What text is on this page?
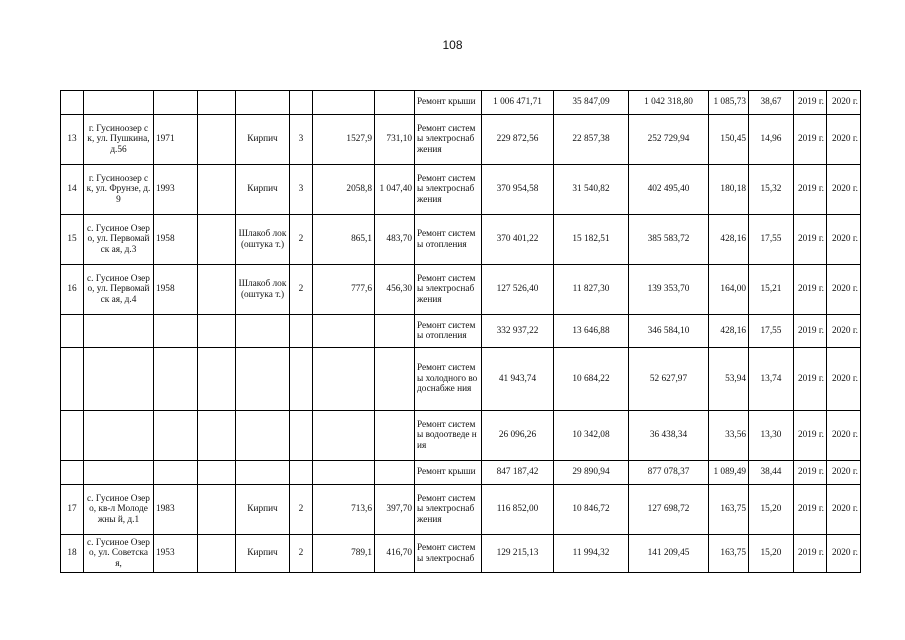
108
								Ремонт крыши	1 006 471,71	35 847,09	1 042 318,80	1 085,73	38,67	2019 г.	2020 г.
13	г. Гусиноозер ск, ул. Пушкина, д.56	1971		Кирпич	3	1527,9	731,10	Ремонт системы электроснаб жения	229 872,56	22 857,38	252 729,94	150,45	14,96	2019 г.	2020 г.
14	г. Гусиноозер ск, ул. Фрунзе, д.9	1993		Кирпич	3	2058,8	1 047,40	Ремонт системы электроснаб жения	370 954,58	31 540,82	402 495,40	180,18	15,32	2019 г.	2020 г.
15	с. Гусиное Озеро, ул. Первомайск ая, д.3	1958		Шлакоб лок (оштука т.)	2	865,1	483,70	Ремонт системы отопления	370 401,22	15 182,51	385 583,72	428,16	17,55	2019 г.	2020 г.
16	с. Гусиное Озеро, ул. Первомайск ая, д.4	1958		Шлакоб лок (оштука т.)	2	777,6	456,30	Ремонт системы электроснаб жения	127 526,40	11 827,30	139 353,70	164,00	15,21	2019 г.	2020 г.
								Ремонт системы отопления	332 937,22	13 646,88	346 584,10	428,16	17,55	2019 г.	2020 г.
								Ремонт системы холодного водоснабже ния	41 943,74	10 684,22	52 627,97	53,94	13,74	2019 г.	2020 г.
								Ремонт системы водоотведе ния	26 096,26	10 342,08	36 438,34	33,56	13,30	2019 г.	2020 г.
								Ремонт крыши	847 187,42	29 890,94	877 078,37	1 089,49	38,44	2019 г.	2020 г.
17	с. Гусиное Озеро, кв-л Молодежны й, д.1	1983		Кирпич	2	713,6	397,70	Ремонт системы электроснаб жения	116 852,00	10 846,72	127 698,72	163,75	15,20	2019 г.	2020 г.
18	с. Гусиное Озеро, ул. Советская,	1953		Кирпич	2	789,1	416,70	Ремонт системы электроснаб	129 215,13	11 994,32	141 209,45	163,75	15,20	2019 г.	2020 г.
